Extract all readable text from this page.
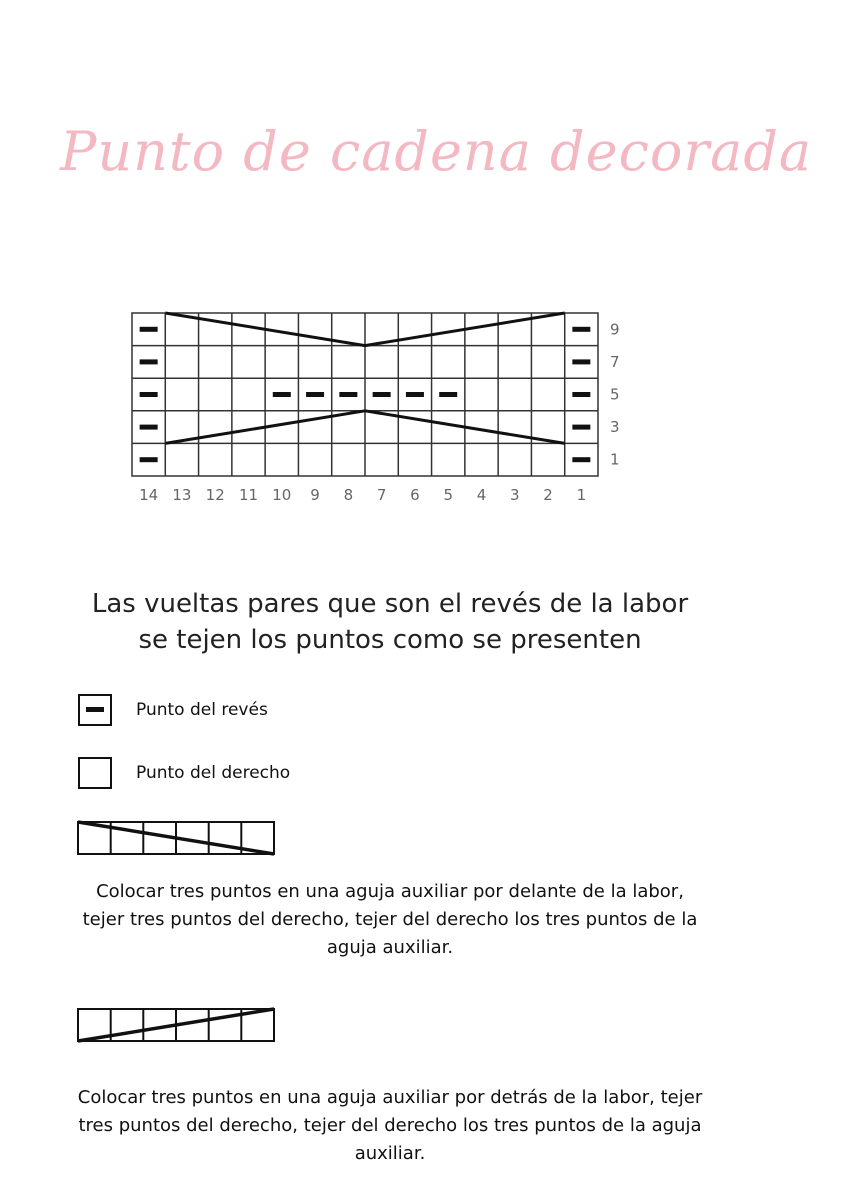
Punto de cadena decorada
9
7
5
3
1
14 13 12 11 10 9 8 7 6 5 4 3 2 1
Las vueltas pares que son el revés de la labor
se tejen los puntos como se presenten
Punto del revés
Punto del derecho
Colocar tres puntos en una aguja auxiliar por delante de la labor,
tejer tres puntos del derecho, tejer del derecho los tres puntos de la
aguja auxiliar.
Colocar tres puntos en una aguja auxiliar por detrás de la labor, tejer
tres puntos del derecho, tejer del derecho los tres puntos de la aguja
auxiliar.
